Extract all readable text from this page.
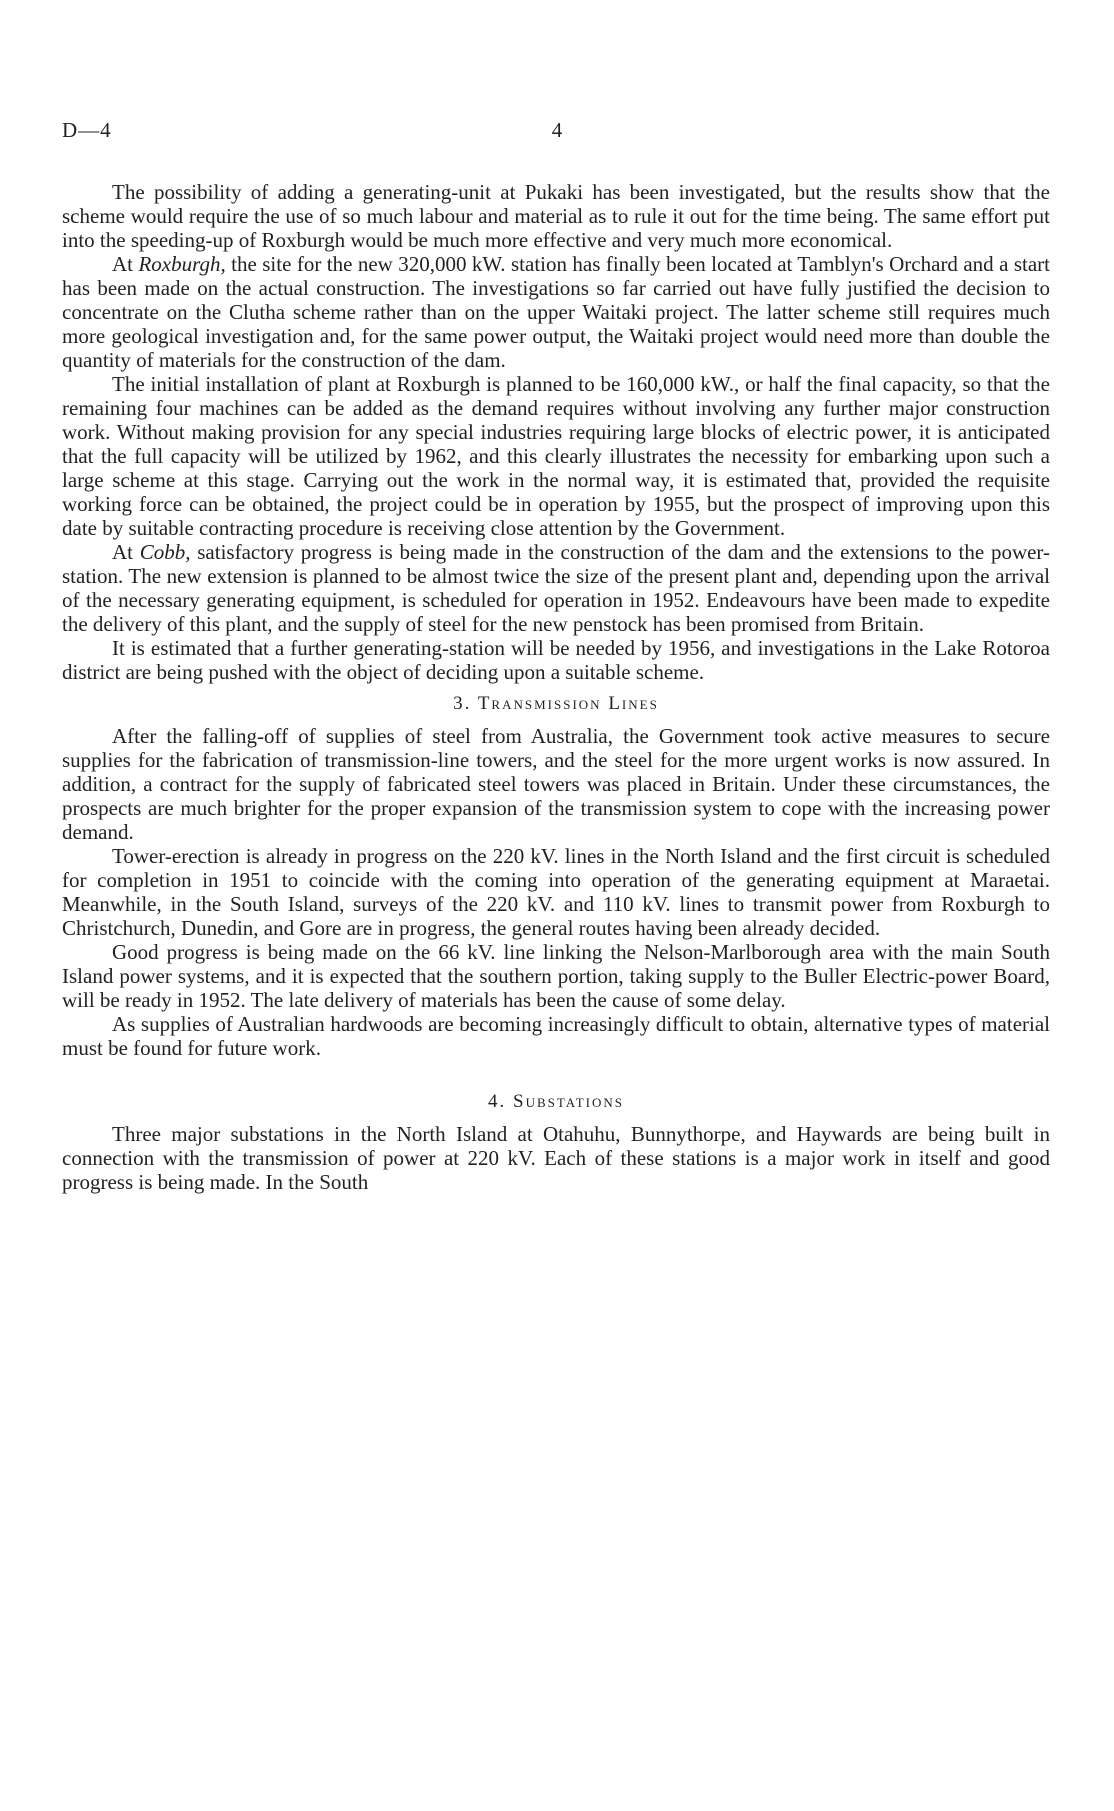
D—4	4

The possibility of adding a generating-unit at Pukaki has been investigated, but the results show that the scheme would require the use of so much labour and material as to rule it out for the time being. The same effort put into the speeding-up of Roxburgh would be much more effective and very much more economical.

At Roxburgh, the site for the new 320,000 kW. station has finally been located at Tamblyn's Orchard and a start has been made on the actual construction. The investigations so far carried out have fully justified the decision to concentrate on the Clutha scheme rather than on the upper Waitaki project. The latter scheme still requires much more geological investigation and, for the same power output, the Waitaki project would need more than double the quantity of materials for the construction of the dam.

The initial installation of plant at Roxburgh is planned to be 160,000 kW., or half the final capacity, so that the remaining four machines can be added as the demand requires without involving any further major construction work. Without making provision for any special industries requiring large blocks of electric power, it is anticipated that the full capacity will be utilized by 1962, and this clearly illustrates the necessity for embarking upon such a large scheme at this stage. Carrying out the work in the normal way, it is estimated that, provided the requisite working force can be obtained, the project could be in operation by 1955, but the prospect of improving upon this date by suitable contracting procedure is receiving close attention by the Government.

At Cobb, satisfactory progress is being made in the construction of the dam and the extensions to the power-station. The new extension is planned to be almost twice the size of the present plant and, depending upon the arrival of the necessary generating equipment, is scheduled for operation in 1952. Endeavours have been made to expedite the delivery of this plant, and the supply of steel for the new penstock has been promised from Britain.

It is estimated that a further generating-station will be needed by 1956, and investigations in the Lake Rotoroa district are being pushed with the object of deciding upon a suitable scheme.

3. Transmission Lines

After the falling-off of supplies of steel from Australia, the Government took active measures to secure supplies for the fabrication of transmission-line towers, and the steel for the more urgent works is now assured. In addition, a contract for the supply of fabricated steel towers was placed in Britain. Under these circumstances, the prospects are much brighter for the proper expansion of the transmission system to cope with the increasing power demand.

Tower-erection is already in progress on the 220 kV. lines in the North Island and the first circuit is scheduled for completion in 1951 to coincide with the coming into operation of the generating equipment at Maraetai. Meanwhile, in the South Island, surveys of the 220 kV. and 110 kV. lines to transmit power from Roxburgh to Christchurch, Dunedin, and Gore are in progress, the general routes having been already decided.

Good progress is being made on the 66 kV. line linking the Nelson-Marlborough area with the main South Island power systems, and it is expected that the southern portion, taking supply to the Buller Electric-power Board, will be ready in 1952. The late delivery of materials has been the cause of some delay.

As supplies of Australian hardwoods are becoming increasingly difficult to obtain, alternative types of material must be found for future work.

4. Substations

Three major substations in the North Island at Otahuhu, Bunnythorpe, and Haywards are being built in connection with the transmission of power at 220 kV. Each of these stations is a major work in itself and good progress is being made. In the South
